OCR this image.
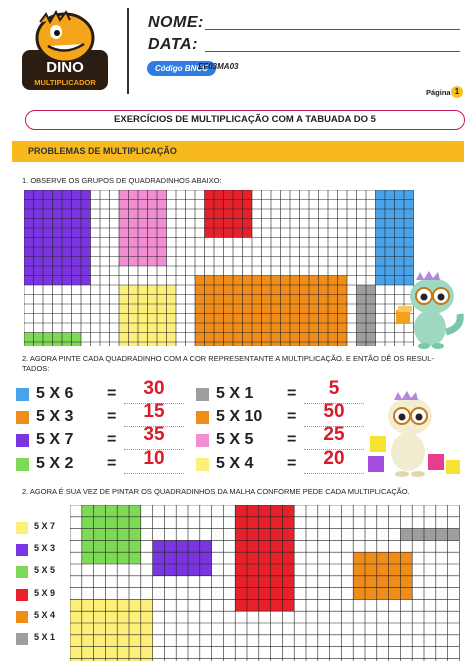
DINO
MULTIPLICADOR
NOME:
DATA:
Código BNCC
EF03MA03
Página 1
EXERCÍCIOS DE MULTIPLICAÇÃO COM A TABUADA DO 5
PROBLEMAS DE MULTIPLICAÇÃO
1. OBSERVE OS GRUPOS DE QUADRADINHOS ABAIXO:
2. AGORA PINTE CADA QUADRADINHO COM A COR REPRESENTANTE A MULTIPLICAÇÃO. E ENTÃO DÊ OS RESUL-
TADOS:
5 X 6 =	30
5 X 3 =	15
5 X 7 =	35
5 X 2 =	10
5 X 1 =	5
5 X 10 =	50
5 X 5 =	25
5 X 4 =	20
2. AGORA É SUA VEZ DE PINTAR OS QUADRADINHOS DA MALHA CONFORME PEDE CADA MULTIPLICAÇÃO.
5 X 7
5 X 3
5 X 5
5 X 9
5 X 4
5 X 1
